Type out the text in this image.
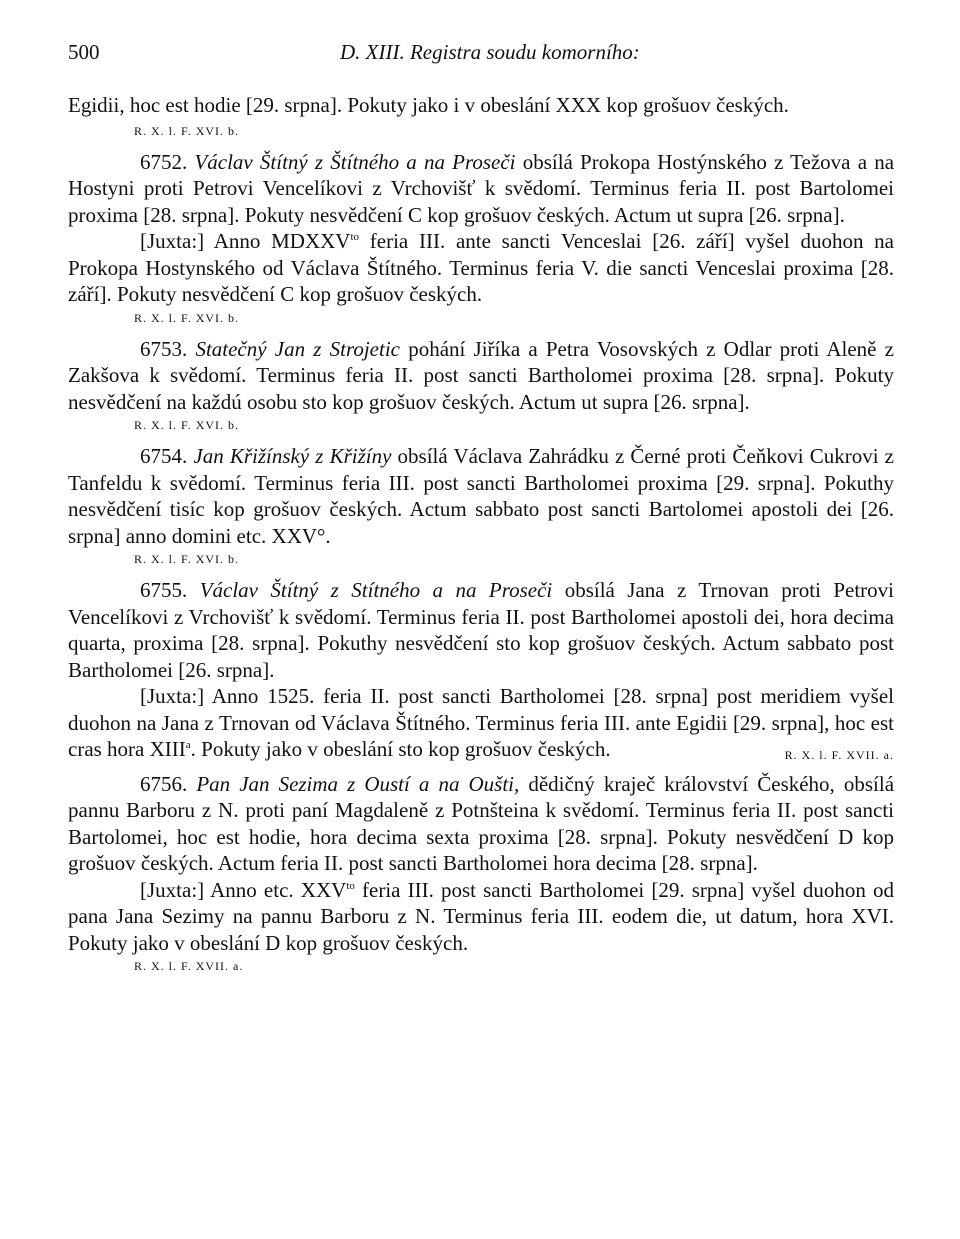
500	D. XIII. Registra soudu komorního:

Egidii, hoc est hodie [29. srpna]. Pokuty jako i v obeslání XXX kop grošuov českých.

R. X. l. F. XVI. b.

6752. Václav Štítný z Štítného a na Proseči obsílá Prokopa Hostýnského z Težova a na Hostyni proti Petrovi Vencelíkovi z Vrchovišť k svědomí. Terminus feria II. post Bartolomei proxima [28. srpna]. Pokuty nesvědčení C kop grošuov českých. Actum ut supra [26. srpna].

[Juxta:] Anno $MDXXV^{to}$ feria III. ante sancti Venceslai [26. září] vyšel duohon na Prokopa Hostynského od Václava Štítného. Terminus feria V. die sancti Venceslai proxima [28. září]. Pokuty nesvědčení C kop grošuov českých.

R. X. l. F. XVI. b.

6753. Statečný Jan z Strojetic pohání Jiříka a Petra Vosovských z Odlar proti Aleně z Zakšova k svědomí. Terminus feria II. post sancti Bartholomei proxima [28. srpna]. Pokuty nesvědčení na každú osobu sto kop grošuov českých. Actum ut supra [26. srpna].

R. X. l. F. XVI. b.

6754. Jan Křižínský z Křižíny obsílá Václava Zahrádku z Černé proti Čeňkovi Cukrovi z Tanfeldu k svědomí. Terminus feria III. post sancti Bartholomei proxima [29. srpna]. Pokuthy nesvědčení tisíc kop grošuov českých. Actum sabbato post sancti Bartolomei apostoli dei [26. srpna] anno domini etc. XXV°.

R. X. l. F. XVI. b.

6755. Václav Štítný z Stítného a na Proseči obsílá Jana z Trnovan proti Petrovi Vencelíkovi z Vrchovišť k svědomí. Terminus feria II. post Bartholomei apostoli dei, hora decima quarta, proxima [28. srpna]. Pokuthy nesvědčení sto kop grošuov českých. Actum sabbato post Bartholomei [26. srpna].

[Juxta:] Anno 1525. feria II. post sancti Bartholomei [28. srpna] post meridiem vyšel duohon na Jana z Trnovan od Václava Štítného. Terminus feria III. ante Egidii [29. srpna], hoc est cras hora XIII$^a$. Pokuty jako v obeslání sto kop grošuov českých.	R. X. l. F. XVII. a.

6756. Pan Jan Sezima z Oustí a na Oušti, dědičný kraječ království Českého, obsílá pannu Barboru z N. proti paní Magdaleně z Potnšteina k svědomí. Terminus feria II. post sancti Bartolomei, hoc est hodie, hora decima sexta proxima [28. srpna]. Pokuty nesvědčení D kop grošuov českých. Actum feria II. post sancti Bartholomei hora decima [28. srpna].

[Juxta:] Anno etc. $XXV^{to}$ feria III. post sancti Bartholomei [29. srpna] vyšel duohon od pana Jana Sezimy na pannu Barboru z N. Terminus feria III. eodem die, ut datum, hora XVI. Pokuty jako v obeslání D kop grošuov českých.

R. X. l. F. XVII. a.
